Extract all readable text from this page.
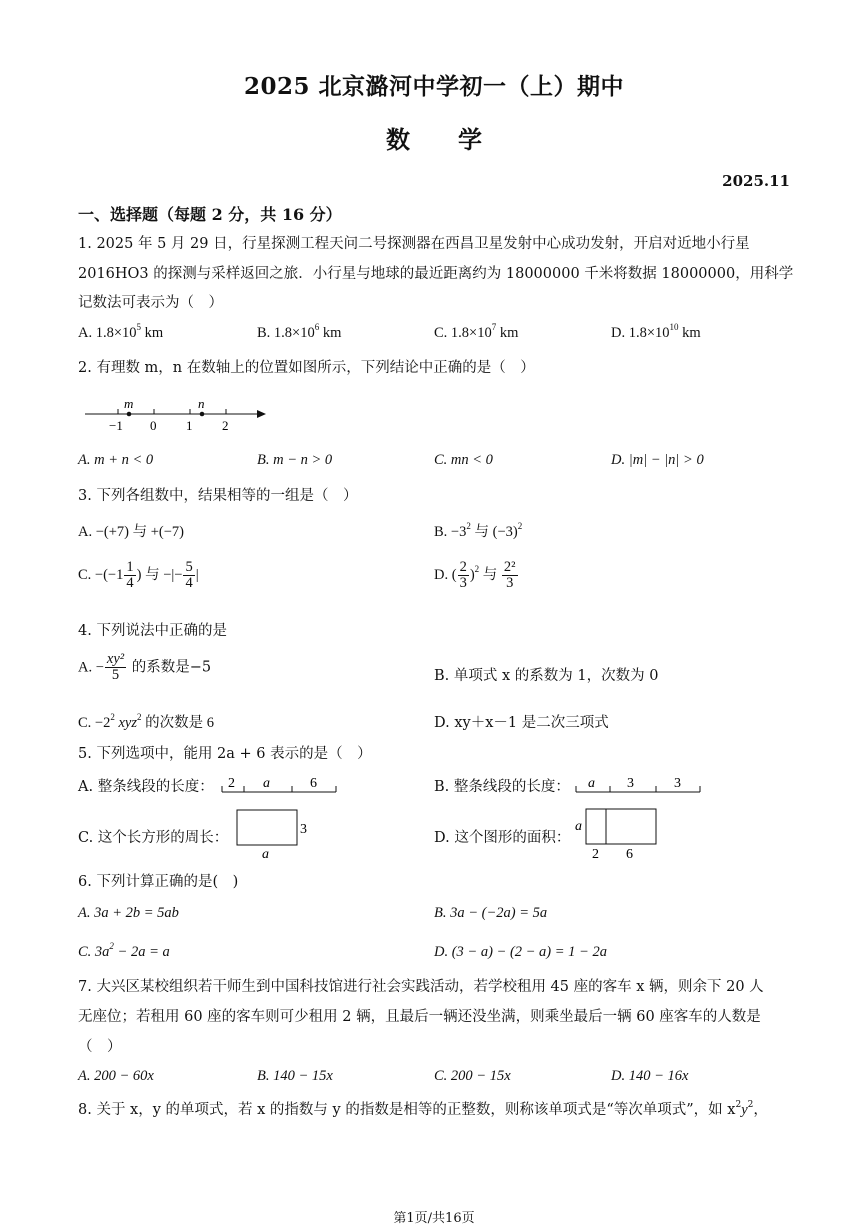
2025 北京潞河中学初一（上）期中
数　　学
2025.11
一、选择题（每题 2 分，共 16 分）
1. 2025 年 5 月 29 日，行星探测工程天问二号探测器在西昌卫星发射中心成功发射，开启对近地小行星
2016HO3 的探测与采样返回之旅．小行星与地球的最近距离约为 18000000 千米将数据 18000000，用科学
记数法可表示为（　）
A. $1.8\times 10^5$ km	B. $1.8\times 10^6$ km	C. $1.8\times 10^7$ km	D. $1.8\times 10^{10}$ km
2. 有理数 m，n 在数轴上的位置如图所示，下列结论中正确的是（　）
m	n
−1 0 1 2
A. m + n < 0	B. m − n > 0	C. mn < 0	D. |m| − |n| > 0
3. 下列各组数中，结果相等的一组是（　）
A. −(+7) 与 +(−7)	B. $-3^2$ 与 $(-3)^2$
C. $-(-1 \frac{1}{4}$ ) 与 −|− $\frac{5}{4}$ |	D. ( $\frac{2}{3} )^2$ 与 $\frac{\text{2²}}{3}$
4. 下列说法中正确的是
A. − $\frac{\text{xy²}}{5}$ 的系数是−5
B. 单项式 x 的系数为 1，次数为 0
C. $-2^2$ xyz$^2$ 的次数是 6	D. xy＋x－1 是二次三项式
5. 下列选项中，能用 2a + 6 表示的是（　）
A. 整条线段的长度： 2 a	6	B. 整条线段的长度： a 3	3
C. 这个长方形的周长：
3
a
D. 这个图形的面积：
a
2 6
6. 下列计算正确的是(　)
A. 3a + 2b = 5ab	B. 3a − (−2a) = 5a
C. $3a^2 - 2a = a$	D. (3 − a) − (2 − a) = 1 − 2a
7. 大兴区某校组织若干师生到中国科技馆进行社会实践活动，若学校租用 45 座的客车 x 辆，则余下 20 人
无座位；若租用 60 座的客车则可少租用 2 辆，且最后一辆还没坐满，则乘坐最后一辆 60 座客车的人数是
（　）
A. 200 − 60x	B. 140 − 15x	C. 200 − 15x	D. 140 − 16x
8. 关于 x，y 的单项式，若 x 的指数与 y 的指数是相等的正整数，则称该单项式是“等次单项式”，如 $x^2y^2$，
第1页/共16页
